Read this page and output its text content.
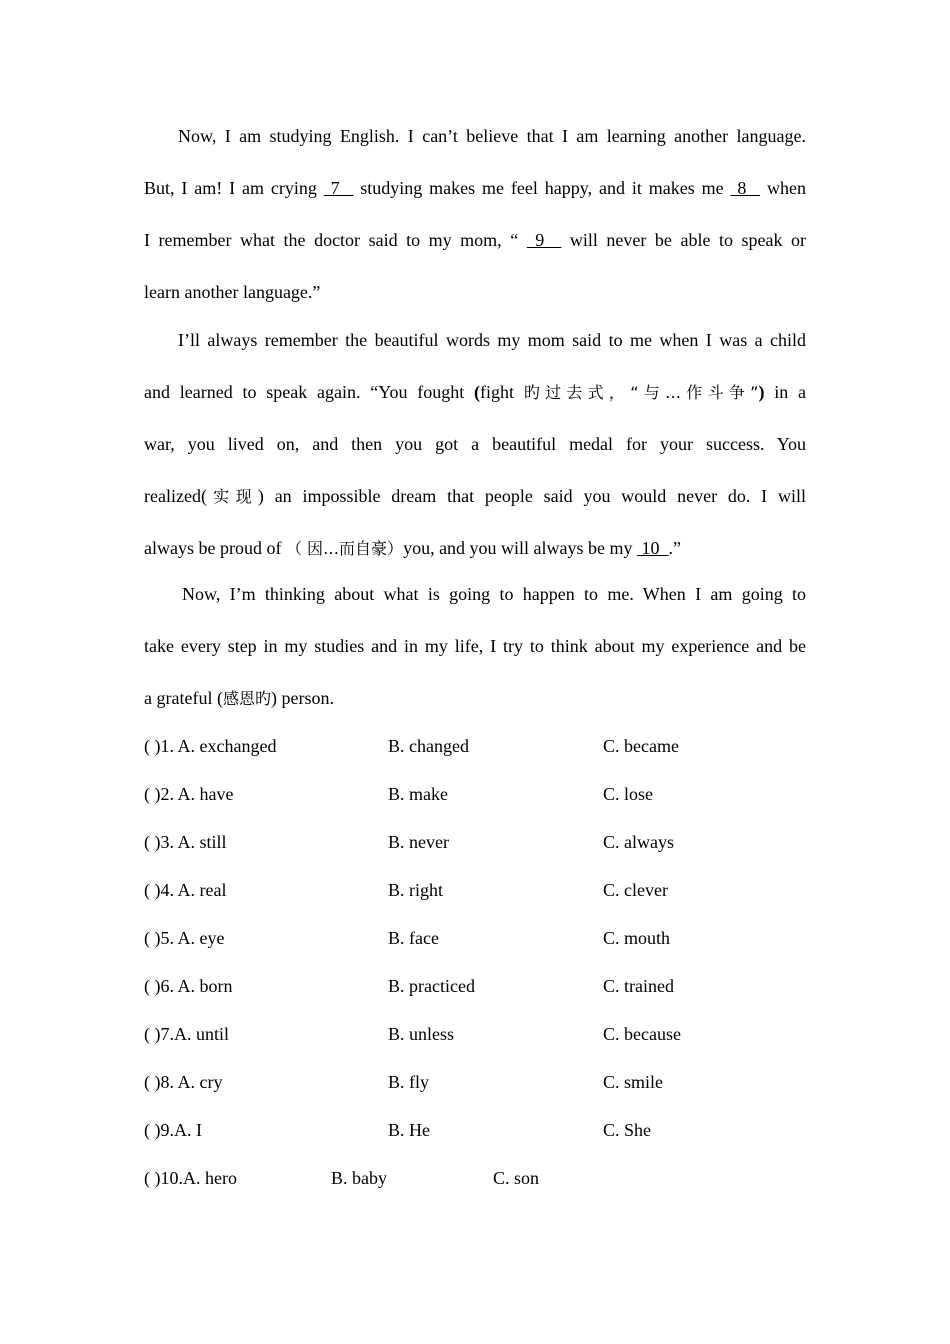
Now, I am studying English. I can’t believe that I am learning another language.
But, I am! I am crying  7   studying makes me feel happy, and it makes me  8   when
I remember what the doctor said to my mom, “  9   will never be able to speak or
learn another language.”
I’ll always remember the beautiful words my mom said to me when I was a child
and learned to speak again. “You fought (fight 旳过去式，“与…作斗争”) in a
war, you lived on, and then you got a beautiful medal for your success. You
realized(实现) an impossible dream that people said you would never do. I will
always be proud of （ 因…而自豪）you, and you will always be my  10  .”
Now, I’m thinking about what is going to happen to me. When I am going to
take every step in my studies and in my life, I try to think about my experience and be
a grateful (感恩旳) person.
( )1. A. exchanged	B. changed	C. became
( )2. A. have	B. make	C. lose
( )3. A. still	B. never	C. always
( )4. A. real	B. right	C. clever
( )5. A. eye	B. face	C. mouth
( )6. A. born	B. practiced	C. trained
( )7.A. until	B. unless	C. because
( )8. A. cry	B. fly	C. smile
( )9.A. I	B. He	C. She
( )10.A. hero	B. baby	C. son
